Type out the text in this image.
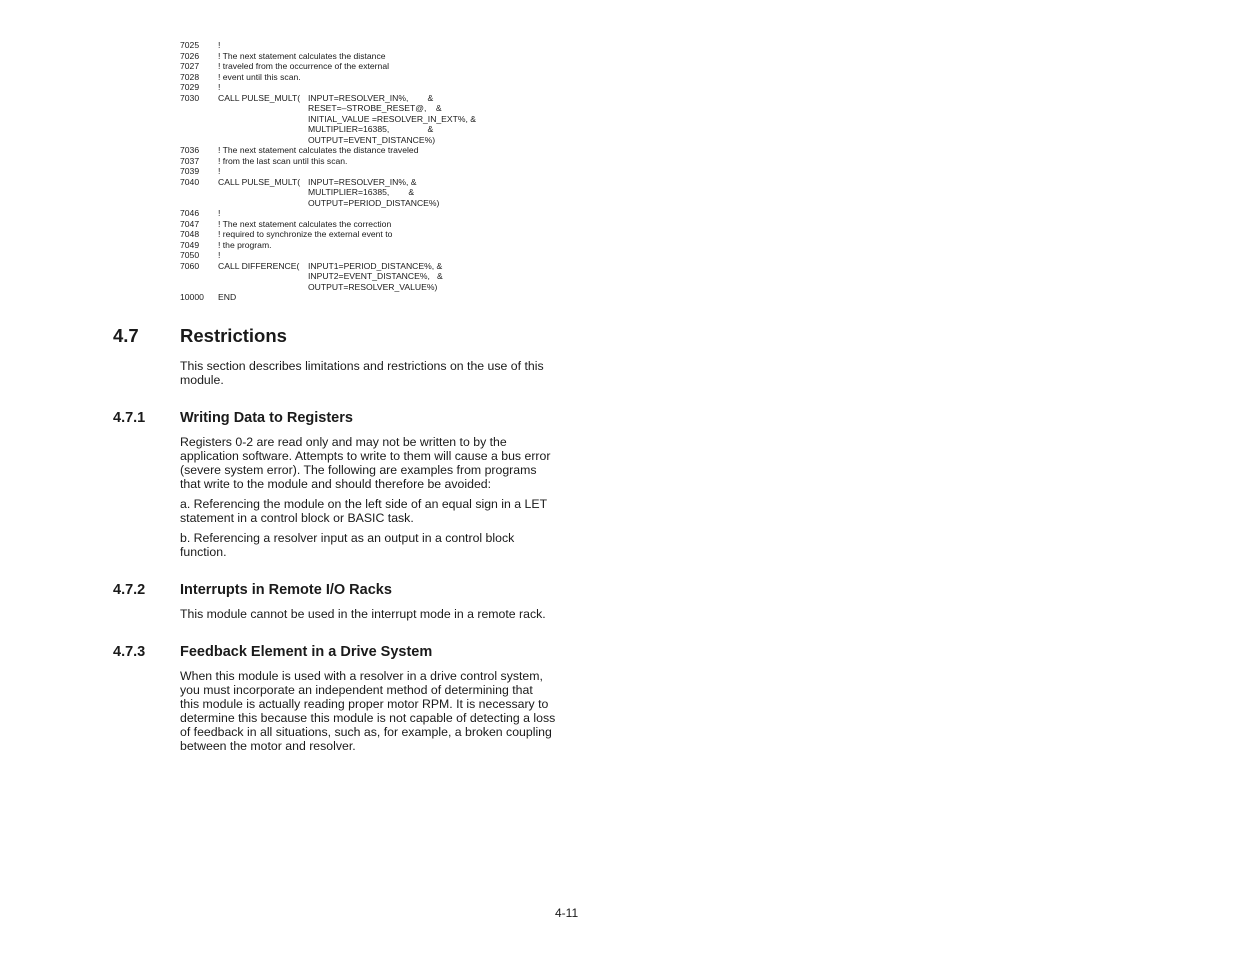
7025 !
7026 ! The next statement calculates the distance
7027 ! traveled from the occurrence of the external
7028 ! event until this scan.
7029 !
7030 CALL PULSE_MULT( INPUT=RESOLVER_IN%,        &
RESET=–STROBE_RESET@,    &
INITIAL_VALUE =RESOLVER_IN_EXT%, &
MULTIPLIER=16385,                &
OUTPUT=EVENT_DISTANCE%)
7036 ! The next statement calculates the distance traveled
7037 ! from the last scan until this scan.
7039 !
7040 CALL PULSE_MULT( INPUT=RESOLVER_IN%, &
MULTIPLIER=16385,        &
OUTPUT=PERIOD_DISTANCE%)
7046 !
7047 ! The next statement calculates the correction
7048 ! required to synchronize the external event to
7049 ! the program.
7050 !
7060 CALL DIFFERENCE( INPUT1=PERIOD_DISTANCE%, &
INPUT2=EVENT_DISTANCE%,   &
OUTPUT=RESOLVER_VALUE%)
10000 END
4.7 Restrictions
This section describes limitations and restrictions on the use of this
module.
4.7.1 Writing Data to Registers
Registers 0-2 are read only and may not be written to by the
application software. Attempts to write to them will cause a bus error
(severe system error). The following are examples from programs
that write to the module and should therefore be avoided:
a. Referencing the module on the left side of an equal sign in a LET
statement in a control block or BASIC task.
b. Referencing a resolver input as an output in a control block
function.
4.7.2 Interrupts in Remote I/O Racks
This module cannot be used in the interrupt mode in a remote rack.
4.7.3 Feedback Element in a Drive System
When this module is used with a resolver in a drive control system,
you must incorporate an independent method of determining that
this module is actually reading proper motor RPM. It is necessary to
determine this because this module is not capable of detecting a loss
of feedback in all situations, such as, for example, a broken coupling
between the motor and resolver.
4-11
